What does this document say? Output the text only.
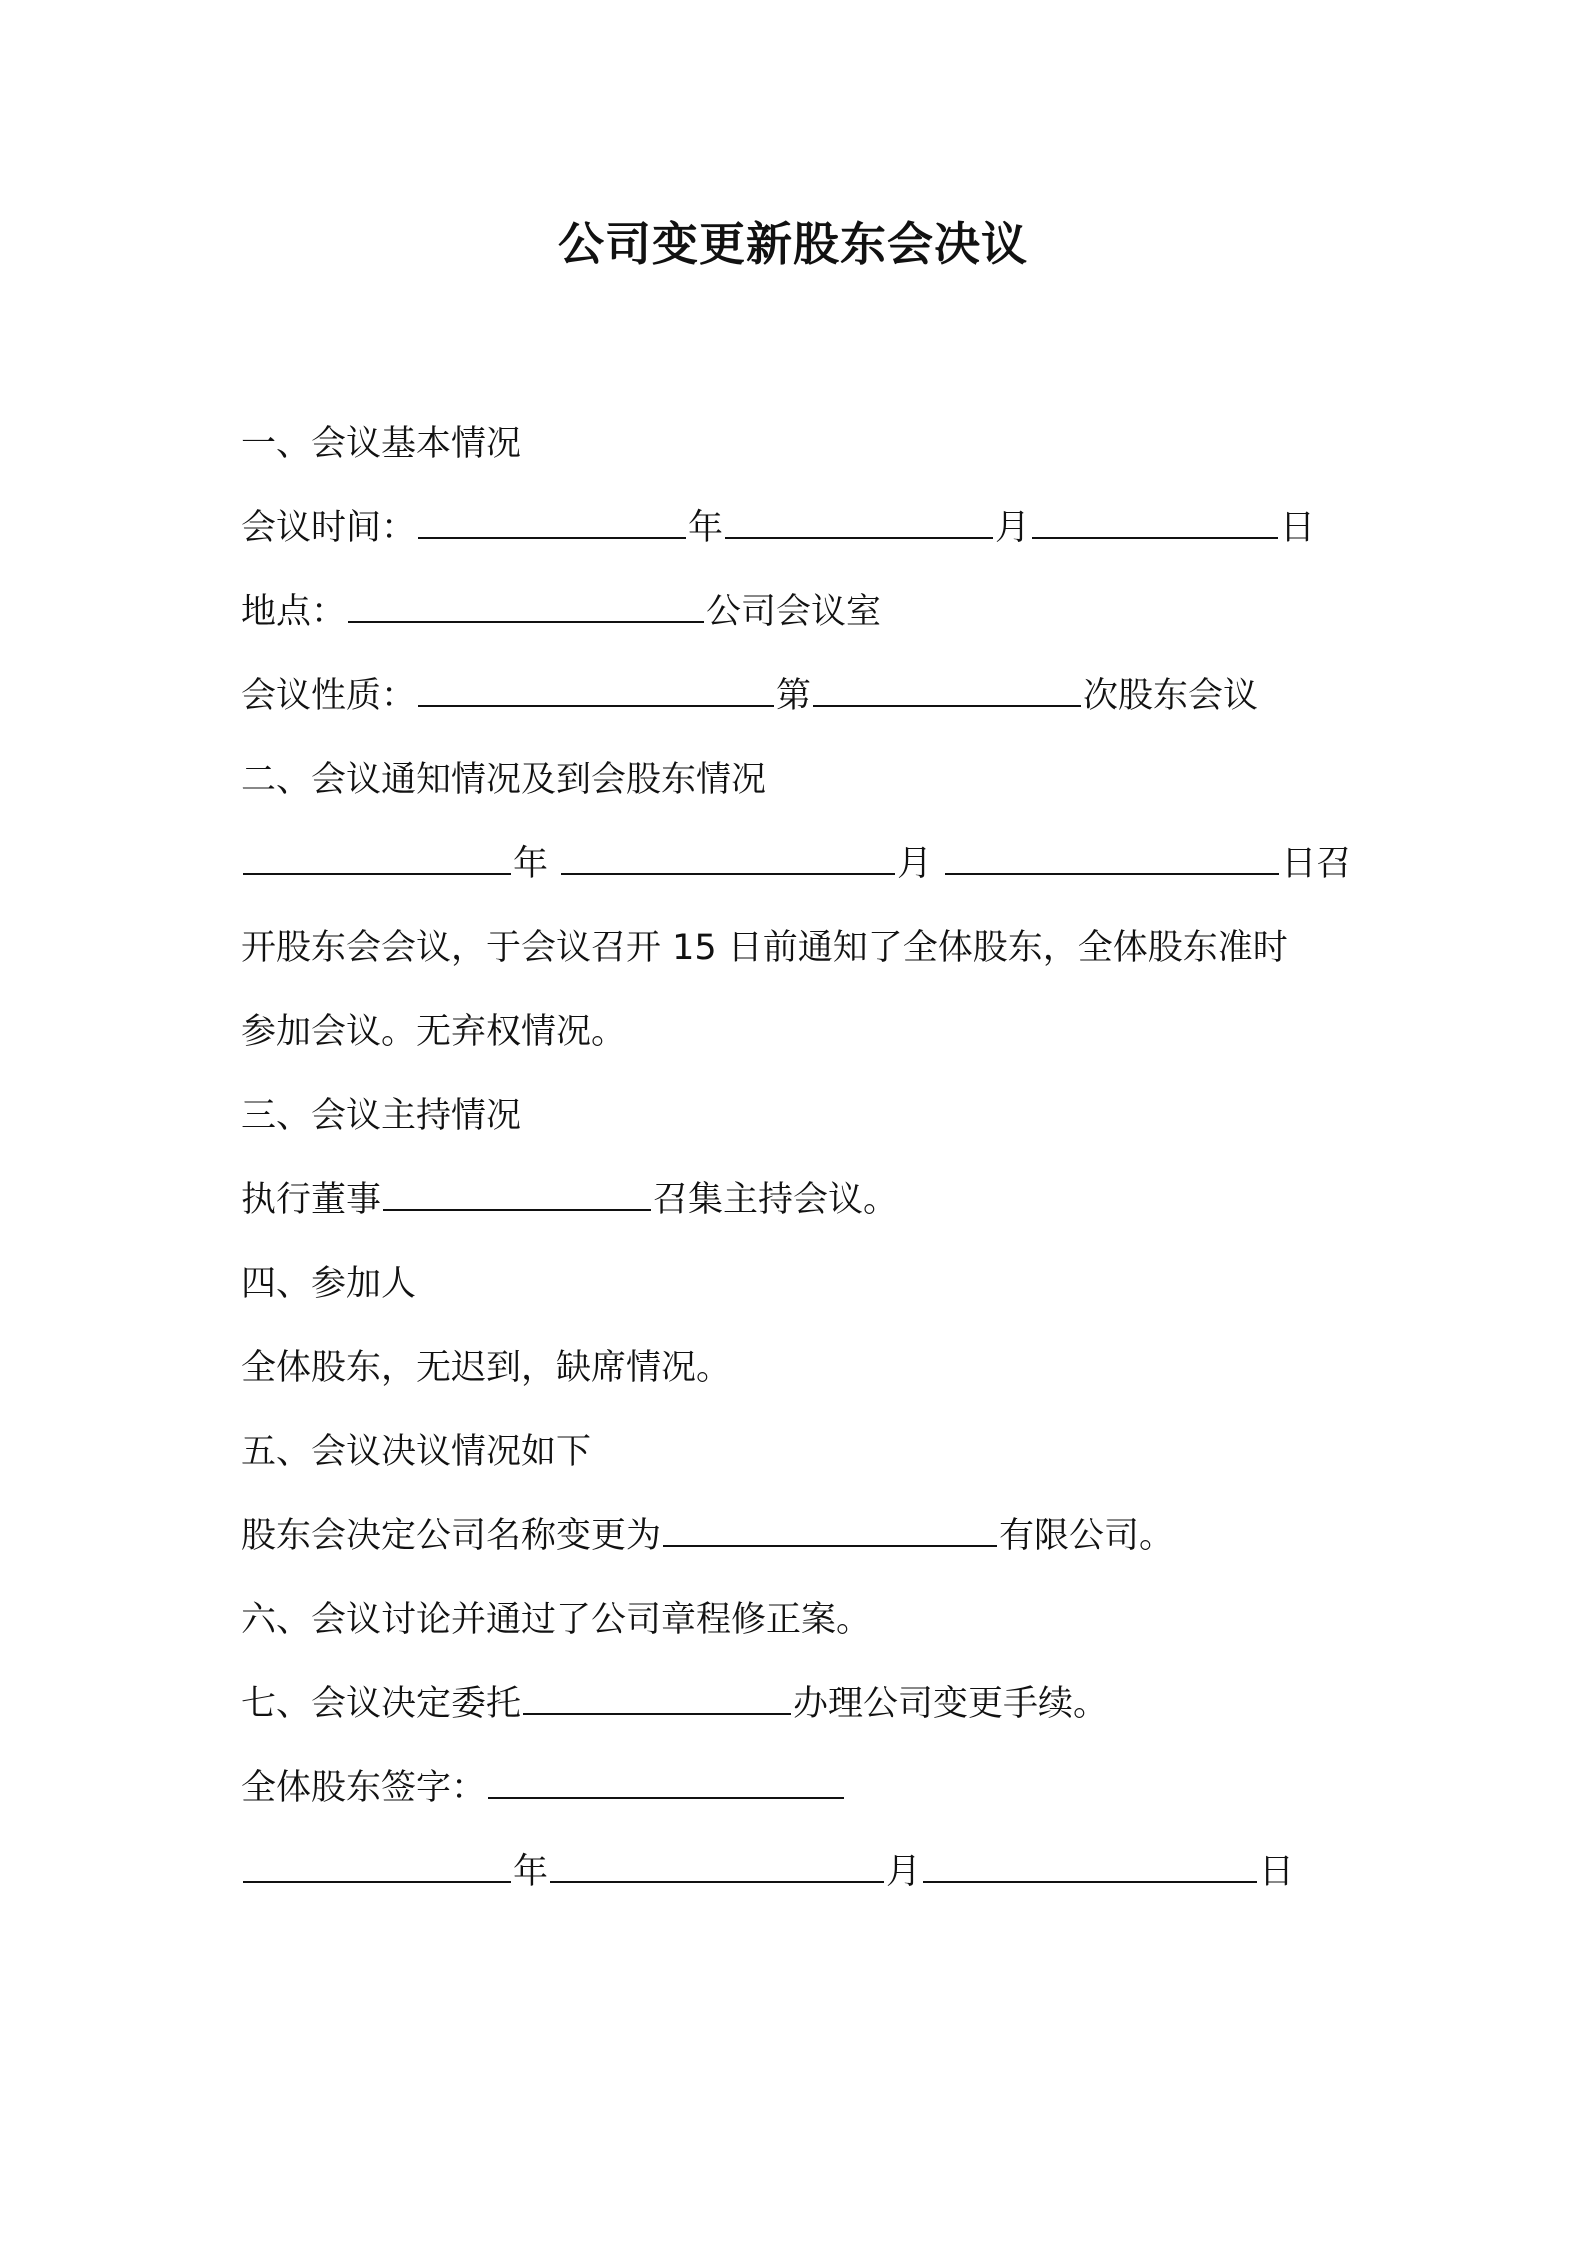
公司变更新股东会决议
一、会议基本情况
会议时间：	年	月	日
地点：	公司会议室
会议性质：	第	次股东会议
二、会议通知情况及到会股东情况
年	月	日召
开股东会会议，于会议召开 15 日前通知了全体股东，全体股东准时
参加会议。无弃权情况。
三、会议主持情况
执行董事	召集主持会议。
四、参加人
全体股东，无迟到，缺席情况。
五、会议决议情况如下
股东会决定公司名称变更为	有限公司。
六、会议讨论并通过了公司章程修正案。
七、会议决定委托	办理公司变更手续。
全体股东签字：
年	月	日
